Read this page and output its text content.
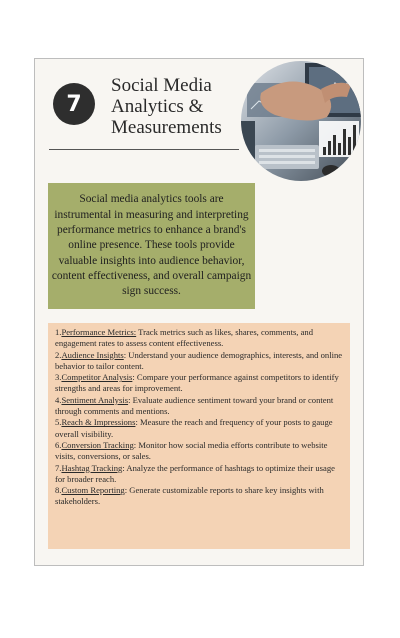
7
Social Media
Analytics &
Measurements
Social media analytics tools are instrumental in measuring and interpreting performance metrics to enhance a brand's online presence. These tools provide valuable insights into audience behavior, content effectiveness, and overall campaign sign success.
1.Performance Metrics: Track metrics such as likes, shares, comments, and engagement rates to assess content effectiveness.
2.Audience Insights: Understand your audience demographics, interests, and online behavior to tailor content.
3.Competitor Analysis: Compare your performance against competitors to identify strengths and areas for improvement.
4.Sentiment Analysis: Evaluate audience sentiment toward your brand or content through comments and mentions.
5.Reach & Impressions: Measure the reach and frequency of your posts to gauge overall visibility.
6.Conversion Tracking: Monitor how social media efforts contribute to website visits, conversions, or sales.
7.Hashtag Tracking: Analyze the performance of hashtags to optimize their usage for broader reach.
8.Custom Reporting: Generate customizable reports to share key insights with stakeholders.
